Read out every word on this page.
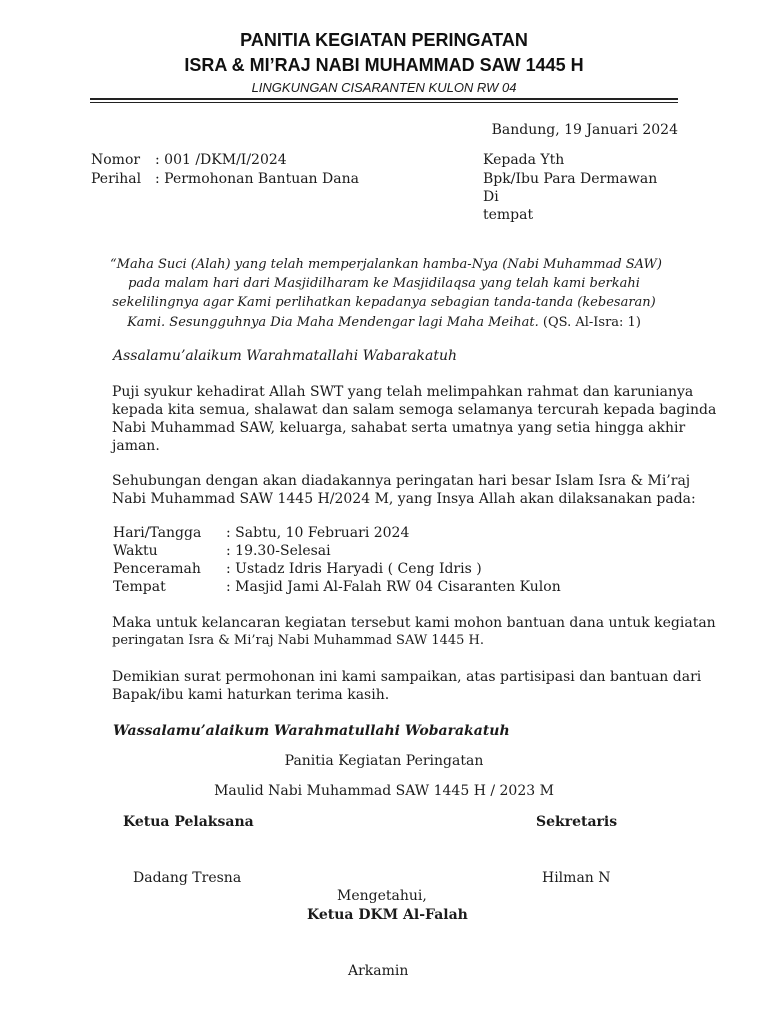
PANITIA KEGIATAN PERINGATAN
ISRA & MI’RAJ NABI MUHAMMAD SAW 1445 H
LINGKUNGAN CISARANTEN KULON RW 04
Bandung, 19 Januari 2024
Nomor : 001 /DKM/I/2024
Perihal : Permohonan Bantuan Dana
Kepada Yth
Bpk/Ibu Para Dermawan
Di
tempat
“Maha Suci (Alah) yang telah memperjalankan hamba-Nya (Nabi Muhammad SAW)
pada malam hari dari Masjidilharam ke Masjidilaqsa yang telah kami berkahi
sekelilingnya agar Kami perlihatkan kepadanya sebagian tanda-tanda (kebesaran)
Kami. Sesungguhnya Dia Maha Mendengar lagi Maha Meihat. (QS. Al-Isra: 1)
Assalamu’alaikum Warahmatallahi Wabarakatuh
Puji syukur kehadirat Allah SWT yang telah melimpahkan rahmat dan karunianya
kepada kita semua, shalawat dan salam semoga selamanya tercurah kepada baginda
Nabi Muhammad SAW, keluarga, sahabat serta umatnya yang setia hingga akhir
jaman.
Sehubungan dengan akan diadakannya peringatan hari besar Islam Isra & Mi’raj
Nabi Muhammad SAW 1445 H/2024 M, yang Insya Allah akan dilaksanakan pada:
Hari/Tangga : Sabtu, 10 Februari 2024
Waktu	: 19.30-Selesai
Penceramah : Ustadz Idris Haryadi ( Ceng Idris )
Tempat	: Masjid Jami Al-Falah RW 04 Cisaranten Kulon
Maka untuk kelancaran kegiatan tersebut kami mohon bantuan dana untuk kegiatan
peringatan Isra & Mi’raj Nabi Muhammad SAW 1445 H.
Demikian surat permohonan ini kami sampaikan, atas partisipasi dan bantuan dari
Bapak/ibu kami haturkan terima kasih.
Wassalamu’alaikum Warahmatullahi Wobarakatuh
Panitia Kegiatan Peringatan
Maulid Nabi Muhammad SAW 1445 H / 2023 M
Ketua Pelaksana	Sekretaris
Dadang Tresna	Hilman N
Mengetahui,
Ketua DKM Al-Falah
Arkamin
